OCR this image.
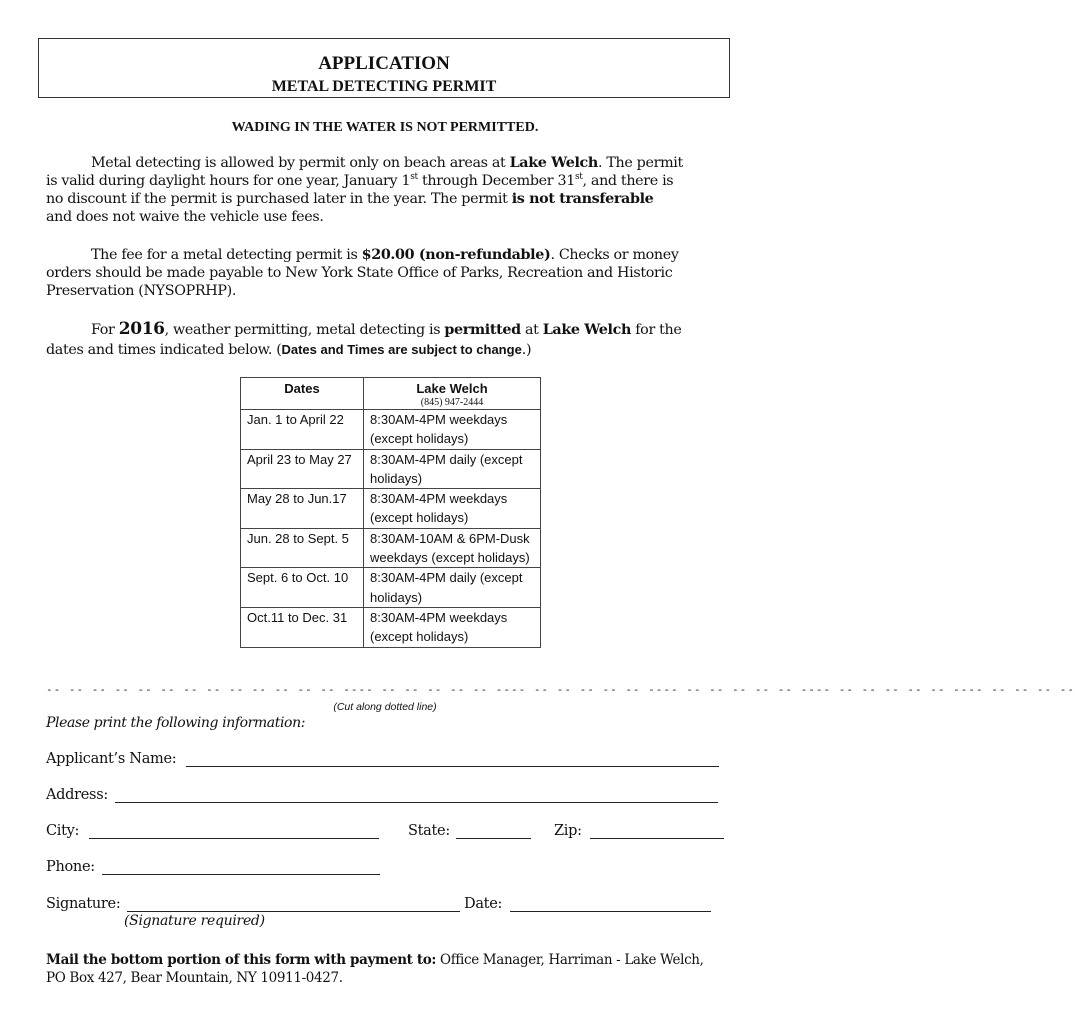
APPLICATION
METAL DETECTING PERMIT
WADING IN THE WATER IS NOT PERMITTED.

Metal detecting is allowed by permit only on beach areas at Lake Welch. The permit

is valid during daylight hours for one year, January 1st through December 31st, and there is

no discount if the permit is purchased later in the year. The permit is not transferable

and does not waive the vehicle use fees.

The fee for a metal detecting permit is $20.00 (non-refundable). Checks or money

orders should be made payable to New York State Office of Parks, Recreation and Historic

Preservation (NYSOPRHP).

For 2016, weather permitting, metal detecting is permitted at Lake Welch for the

dates and times indicated below. (Dates and Times are subject to change.)

Dates	Lake Welch
(845) 947-2444

Jan. 1 to April 22	8:30AM-4PM weekdays (except holidays)
April 23 to May 27	8:30AM-4PM daily (except holidays)
May 28 to Jun.17	8:30AM-4PM weekdays (except holidays)
Jun. 28 to Sept. 5	8:30AM-10AM & 6PM-Dusk weekdays (except holidays)
Sept. 6 to Oct. 10	8:30AM-4PM daily (except holidays)
Oct.11 to Dec. 31	8:30AM-4PM weekdays (except holidays)
-- -- -- -- -- -- -- -- -- -- -- -- -- ---- -- -- -- -- -- ---- -- -- -- -- -- ---- -- -- -- -- -- ---- -- -- -- -- -- ---- -- -- -- --
(Cut along dotted line)
Please print the following information:
Applicant’s Name:
Address:
City:	State:	Zip:
Phone:
Signature:	Date:
(Signature required)

Mail the bottom portion of this form with payment to: Office Manager, Harriman - Lake Welch,

PO Box 427, Bear Mountain, NY 10911-0427.
